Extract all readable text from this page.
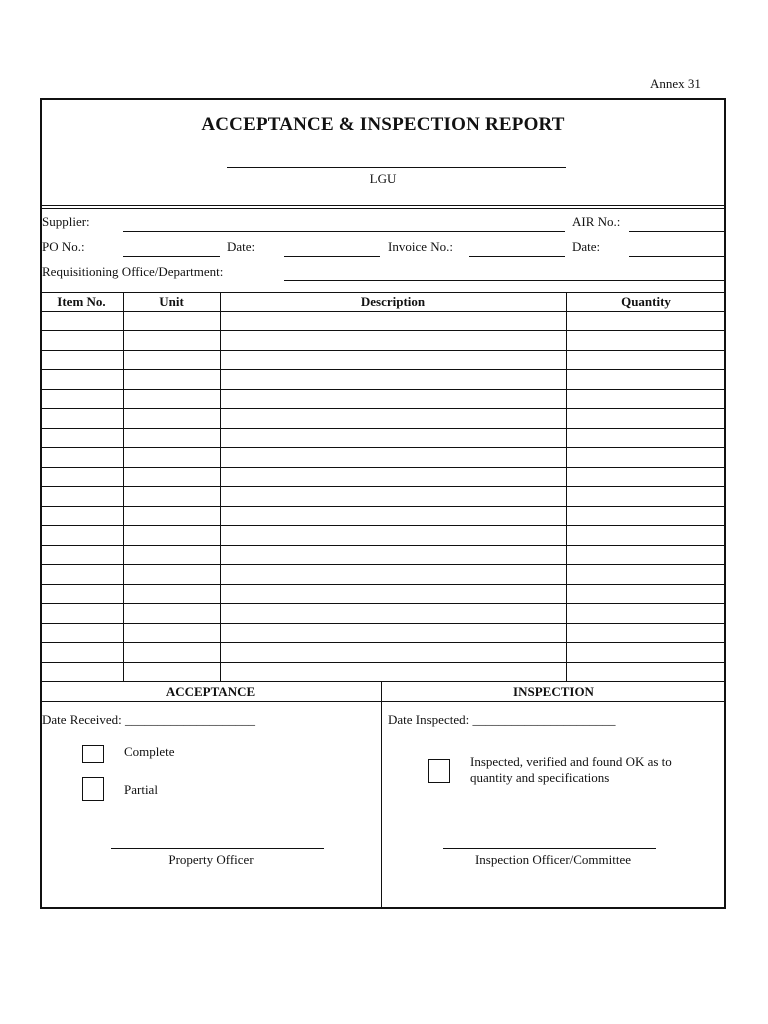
Annex 31
ACCEPTANCE & INSPECTION REPORT
LGU
Supplier:	AIR No.:
PO No.:	Date:	Invoice No.:	Date:
Requisitioning Office/Department:
Item No.	Unit	Description	Quantity
ACCEPTANCE	INSPECTION
Date Received: ____________________
Complete
Partial
Property Officer
Date Inspected: ______________________
Inspected, verified and found OK as to
quantity and specifications
Inspection Officer/Committee
